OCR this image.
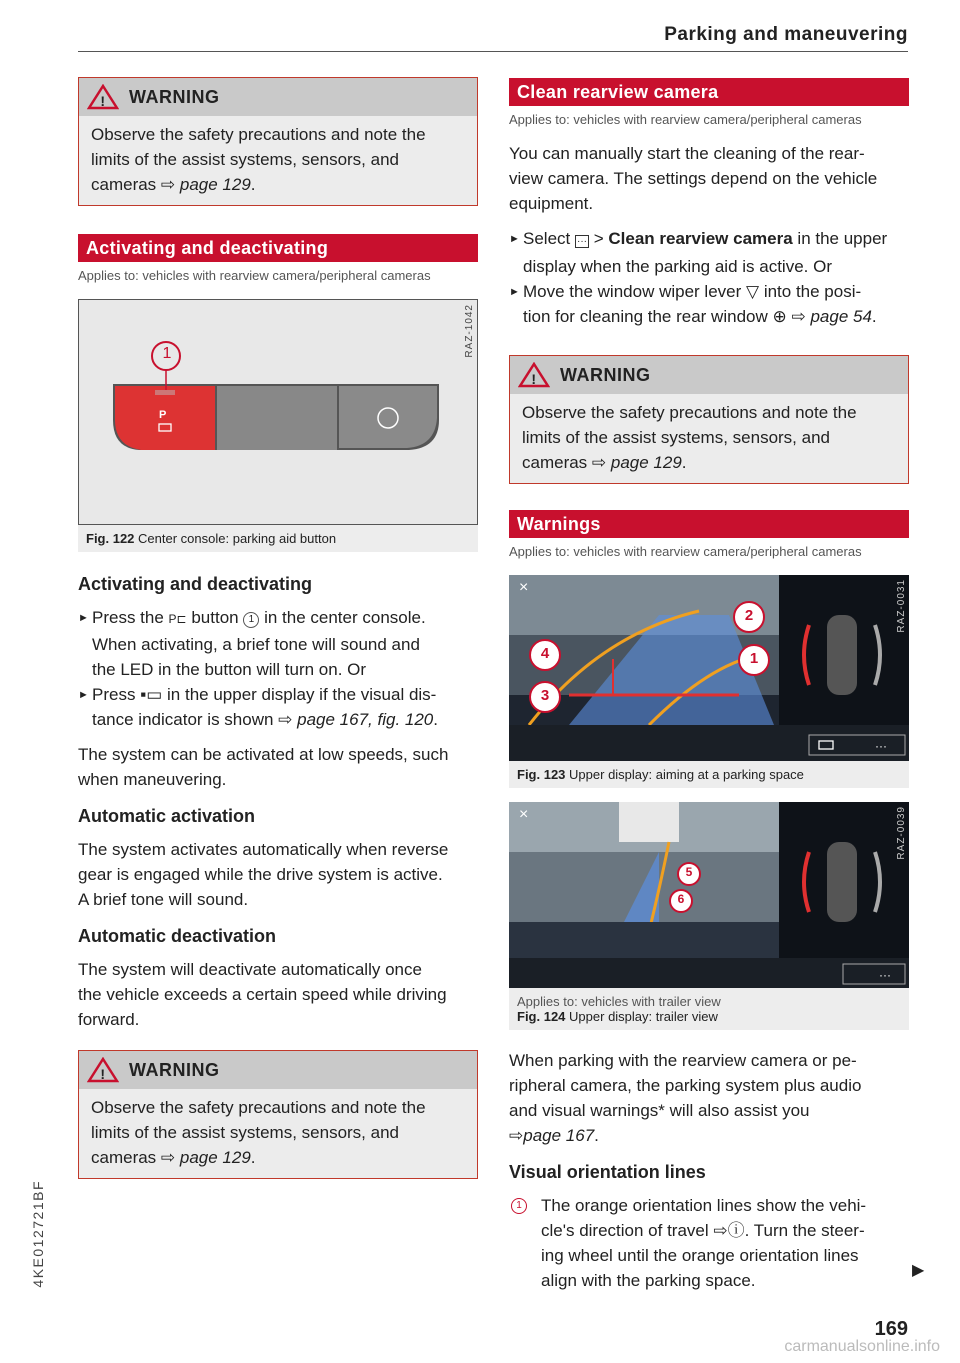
Parking and maneuvering
4KE012721BF
! WARNING
Observe the safety precautions and note the
limits of the assist systems, sensors, and
cameras ⇨ page 129.
Activating and deactivating
Applies to: vehicles with rearview camera/peripheral cameras
P
1	RAZ-1042
Fig. 122 Center console: parking aid button
Activating and deactivating
► Press the P⊏ button 1 in the center console.
When activating, a brief tone will sound and
the LED in the button will turn on. Or
► Press ▪▭ in the upper display if the visual dis-
tance indicator is shown ⇨ page 167, fig. 120.
The system can be activated at low speeds, such
when maneuvering.
Automatic activation
The system activates automatically when reverse
gear is engaged while the drive system is active.
A brief tone will sound.
Automatic deactivation
The system will deactivate automatically once
the vehicle exceeds a certain speed while driving
forward.
! WARNING
Observe the safety precautions and note the
limits of the assist systems, sensors, and
cameras ⇨ page 129.
Clean rearview camera
Applies to: vehicles with rearview camera/peripheral cameras
You can manually start the cleaning of the rear-
view camera. The settings depend on the vehicle
equipment.
► Select ··· > Clean rearview camera in the upper
display when the parking aid is active. Or
► Move the window wiper lever ▽ into the posi-
tion for cleaning the rear window ⊕ ⇨ page 54.
! WARNING
Observe the safety precautions and note the
limits of the assist systems, sensors, and
cameras ⇨ page 129.
Warnings
Applies to: vehicles with rearview camera/peripheral cameras
×
···
1
2
3
4
RAZ-0031
Fig. 123 Upper display: aiming at a parking space
×
···
5
6
RAZ-0039
Applies to: vehicles with trailer view
Fig. 124 Upper display: trailer view
When parking with the rearview camera or pe-
ripheral camera, the parking system plus audio
and visual warnings* will also assist you
⇨page 167.
Visual orientation lines
1	The orange orientation lines show the vehi-
cle's direction of travel ⇨ⓘ. Turn the steer-
ing wheel until the orange orientation lines
align with the parking space.
▶
169
carmanualsonline.info
